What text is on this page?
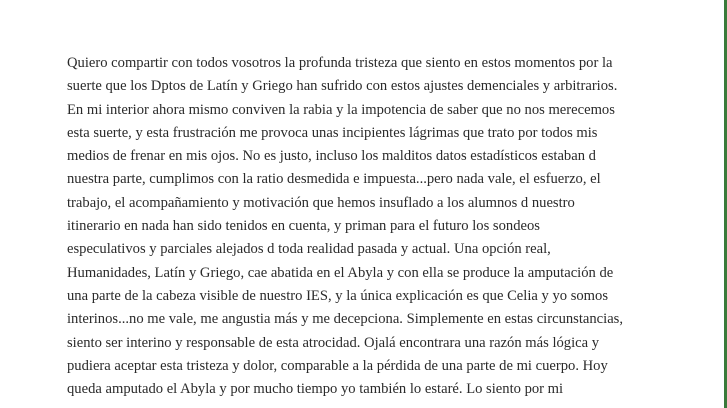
Quiero compartir con todos vosotros la profunda tristeza que siento en estos momentos por la
suerte que los Dptos de Latín y Griego han sufrido con estos ajustes demenciales y arbitrarios.
En mi interior ahora mismo conviven la rabia y la impotencia de saber que no nos merecemos
esta suerte, y esta frustración me provoca unas incipientes lágrimas que trato por todos mis
medios de frenar en mis ojos. No es justo, incluso los malditos datos estadísticos estaban d
nuestra parte, cumplimos con la ratio desmedida e impuesta...pero nada vale, el esfuerzo, el
trabajo, el acompañamiento y motivación que hemos insuflado a los alumnos d nuestro
itinerario en nada han sido tenidos en cuenta, y priman para el futuro los sondeos
especulativos y parciales alejados d toda realidad pasada y actual. Una opción real,
Humanidades, Latín y Griego, cae abatida en el Abyla y con ella se produce la amputación de
una parte de la cabeza visible de nuestro IES, y la única explicación es que Celia y yo somos
interinos...no me vale, me angustia más y me decepciona. Simplemente en estas circunstancias,
siento ser interino y responsable de esta atrocidad. Ojalá encontrara una razón más lógica y
pudiera aceptar esta tristeza y dolor, comparable a la pérdida de una parte de mi cuerpo. Hoy
queda amputado el Abyla y por mucho tiempo yo también lo estaré. Lo siento por mi
